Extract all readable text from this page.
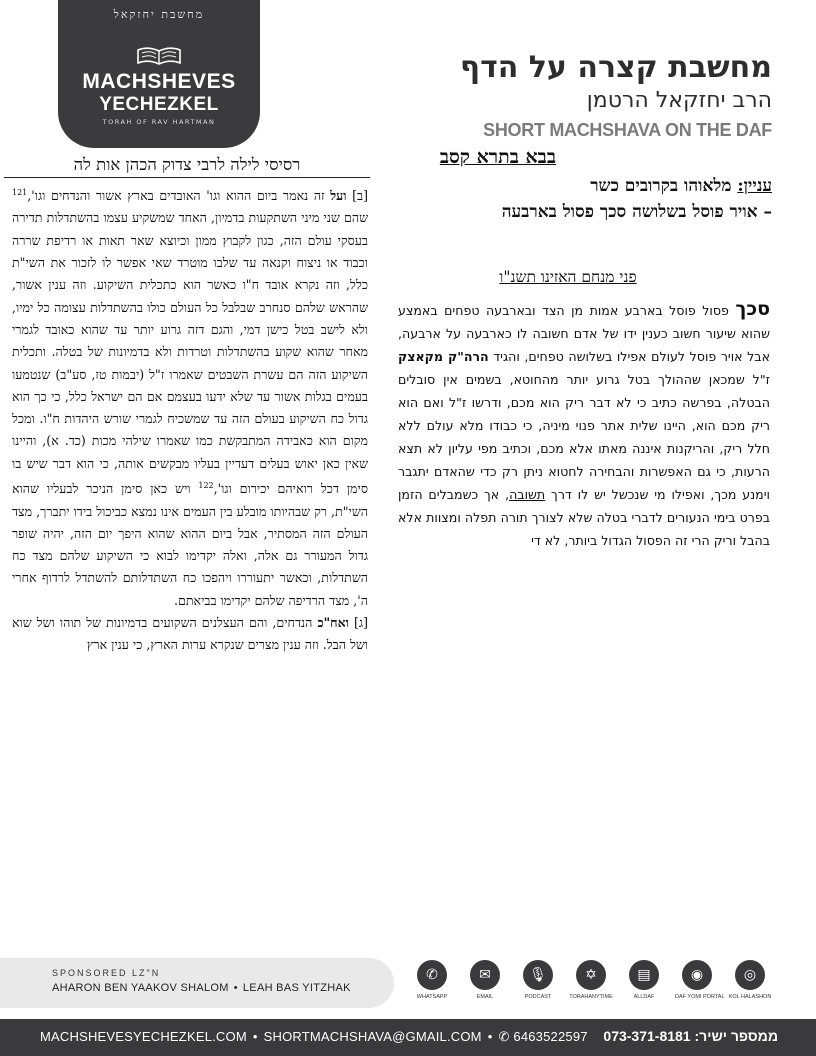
מחשבת יחזקאל
MACHSHEVES
YECHEZKEL
TORAH OF RAV HARTMAN
מחשבת קצרה על הדף
הרב יחזקאל הרטמן
SHORT MACHSHAVA ON THE DAF
בבא בתרא קסב
עניין: מלאוהו בקרובים כשר
– אויר פוסל בשלושה סכך פסול בארבעה
רסיסי לילה לרבי צדוק הכהן אות לה

[ב] ועל זה נאמר ביום ההוא וגו' האובדים בארץ אשור והנדחים וגו',$^{121}$ שהם שני מיני השתקעות בדמיון, האחד שמשקיע עצמו בהשתדלות תדירה בעסקי עולם הזה, כגון לקבוץ ממון וכיוצא שאר תאות או רדיפת שררה וכבוד או ניצוח וקנאה עד שלבו מוטרד שאי אפשר לו לזכור את השי"ת כלל, וזה נקרא אובד ח"ו כאשר הוא כתכלית השיקוע. וזה ענין אשור, שהראש שלהם סנחרב שבלבל כל העולם כולו בהשתדלות עצומה כל ימיו, ולא לישב בטל כישן דמי, והגם דזה גרוע יותר עד שהוא כאובד לגמרי מאחר שהוא שקוע בהשתדלות וטרדות ולא בדמיונות של בטלה. ותכלית השיקוע הזה הם עשרת השבטים שאמרו ז"ל (יבמות טז, סע"ב) שנטמעו בעמים בגלות אשור עד שלא ידעו בעצמם אם הם ישראל כלל, כי כך הוא גדול כח השיקוע בעולם הזה עד שמשכיח לגמרי שורש היהדות ח"ו. ומכל מקום הוא כאבידה המתבקשת כמו שאמרו שילהי מכות (כד. א), והיינו שאין כאן יאוש בעלים דעדיין בעליו מבקשים אותה, כי הוא דבר שיש בו סימן דכל רואיהם יכירום וגו',$^{122}$ ויש כאן סימן הניכר לבעליו שהוא השי"ת, רק שבהיותו מובלע בין העמים אינו נמצא כביכול בידו יתברך, מצד העולם הזה המסתיר, אבל ביום ההוא שהוא היפך יום הזה, יהיה שופר גדול המעורר גם אלה, ואלה יקדימו לבוא כי השיקוע שלהם מצד כח השתדלות, וכאשר יתעוררו ויהפכו כח השתדלותם להשתדל לרדוף אחרי ה', מצד הרדיפה שלהם יקדימו בביאתם.

[ג] ואח"כ הנדחים, והם העצלנים השקועים בדמיונות של תוהו ושל שוא ושל הבל. וזה ענין מצרים שנקרא ערות הארץ, כי ענין ארץ

פני מנחם האזינו תשנ"ו
סכך פסול פוסל בארבע אמות מן הצד ובארבעה טפחים באמצע שהוא שיעור חשוב כענין ידו של אדם חשובה לו כארבעה על ארבעה, אבל אויר פוסל לעולם אפילו בשלושה טפחים, והגיד הרה"ק מקאצק ז"ל שמכאן שההולך בטל גרוע יותר מהחוטא, בשמים אין סובלים הבטלה, בפרשה כתיב כי לא דבר ריק הוא מכם, ודרשו ז"ל ואם הוא ריק מכם הוא, היינו שלית אתר פנוי מיניה, כי כבודו מלא עולם ללא חלל ריק, והריקנות איננה מאתו אלא מכם, וכתיב מפי עליון לא תצא הרעות, כי גם האפשרות והבחירה לחטוא ניתן רק כדי שהאדם יתגבר וימנע מכך, ואפילו מי שנכשל יש לו דרך תשובה, אך כשמבלים הזמן בפרט בימי הנעורים לדברי בטלה שלא לצורך תורה תפלה ומצוות אלא בהבל וריק הרי זה הפסול הגדול ביותר, לא די
SPONSORED LZ"N
AHARON BEN YAAKOV SHALOM • LEAH BAS YITZHAK
✆
WHATSAPP
✉
EMAIL
🎙
PODCAST
✡
TORAHANYTIME
▤
ALLDAF
◉
DAF YOMI PORTAL
◎
KOL HALASHON
MACHSHEVESYECHEZKEL.COM • SHORTMACHSHAVA@GMAIL.COM • ✆ 6463522597	ממספר ישיר: 073-371-8181
